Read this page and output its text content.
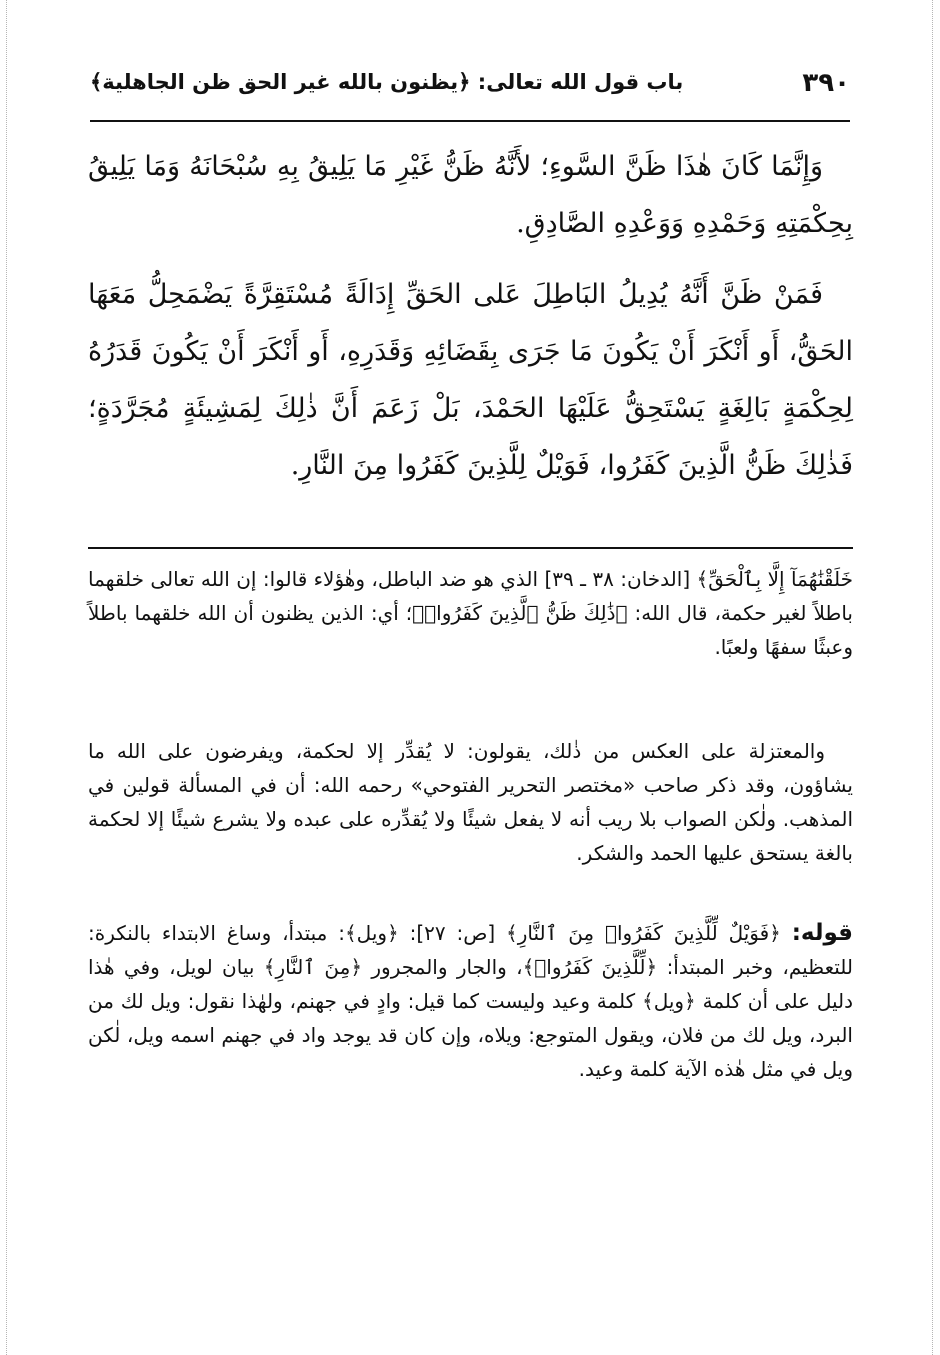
٣٩٠
باب قول الله تعالى: ﴿يظنون بالله غير الحق ظن الجاهلية﴾

وَإِنَّمَا كَانَ هٰذَا ظَنَّ السَّوءِ؛ لأَنَّهُ ظَنُّ غَيْرِ مَا يَلِيقُ بِهِ سُبْحَانَهُ وَمَا يَلِيقُ بِحِكْمَتِهِ وَحَمْدِهِ وَوَعْدِهِ الصَّادِقِ.

فَمَنْ ظَنَّ أَنَّهُ يُدِيلُ البَاطِلَ عَلى الحَقِّ إِدَالَةً مُسْتَقِرَّةً يَضْمَحِلُّ مَعَهَا الحَقُّ، أَو أَنْكَرَ أَنْ يَكُونَ مَا جَرَى بِقَضَائِهِ وَقَدَرِهِ، أَو أَنْكَرَ أَنْ يَكُونَ قَدَرُهُ لِحِكْمَةٍ بَالِغَةٍ يَسْتَحِقُّ عَلَيْهَا الحَمْدَ، بَلْ زَعَمَ أَنَّ ذٰلِكَ لِمَشِيئَةٍ مُجَرَّدَةٍ؛ فَذٰلِكَ ظَنُّ الَّذِينَ كَفَرُوا، فَوَيْلٌ لِلَّذِينَ كَفَرُوا مِنَ النَّارِ.

خَلَقْنَٰهُمَآ إِلَّا بِٱلْحَقِّ﴾ [الدخان: ٣٨ ـ ٣٩] الذي هو ضد الباطل، وهٰؤلاء قالوا: إن الله تعالى خلقهما باطلاً لغير حكمة، قال الله: ﴿ذَٰلِكَ ظَنُّ ٱلَّذِينَ كَفَرُوا۟﴾؛ أي: الذين يظنون أن الله خلقهما باطلاً وعبثًا سفهًا ولعبًا.

والمعتزلة على العكس من ذٰلك، يقولون: لا يُقدِّر إلا لحكمة، ويفرضون على الله ما يشاؤون، وقد ذكر صاحب «مختصر التحرير الفتوحي» رحمه الله: أن في المسألة قولين في المذهب. ولٰكن الصواب بلا ريب أنه لا يفعل شيئًا ولا يُقدِّره على عبده ولا يشرع شيئًا إلا لحكمة بالغة يستحق عليها الحمد والشكر.

قوله: ﴿فَوَيْلٌ لِّلَّذِينَ كَفَرُوا۟ مِنَ ٱلنَّارِ﴾ [ص: ٢٧]: ﴿ويل﴾: مبتدأ، وساغ الابتداء بالنكرة: للتعظيم، وخبر المبتدأ: ﴿لِّلَّذِينَ كَفَرُوا۟﴾، والجار والمجرور ﴿مِنَ ٱلنَّارِ﴾ بيان لويل، وفي هٰذا دليل على أن كلمة ﴿ويل﴾ كلمة وعيد وليست كما قيل: وادٍ في جهنم، ولهٰذا نقول: ويل لك من البرد، ويل لك من فلان، ويقول المتوجع: ويلاه، وإن كان قد يوجد واد في جهنم اسمه ويل، لٰكن ويل في مثل هٰذه الآية كلمة وعيد.
